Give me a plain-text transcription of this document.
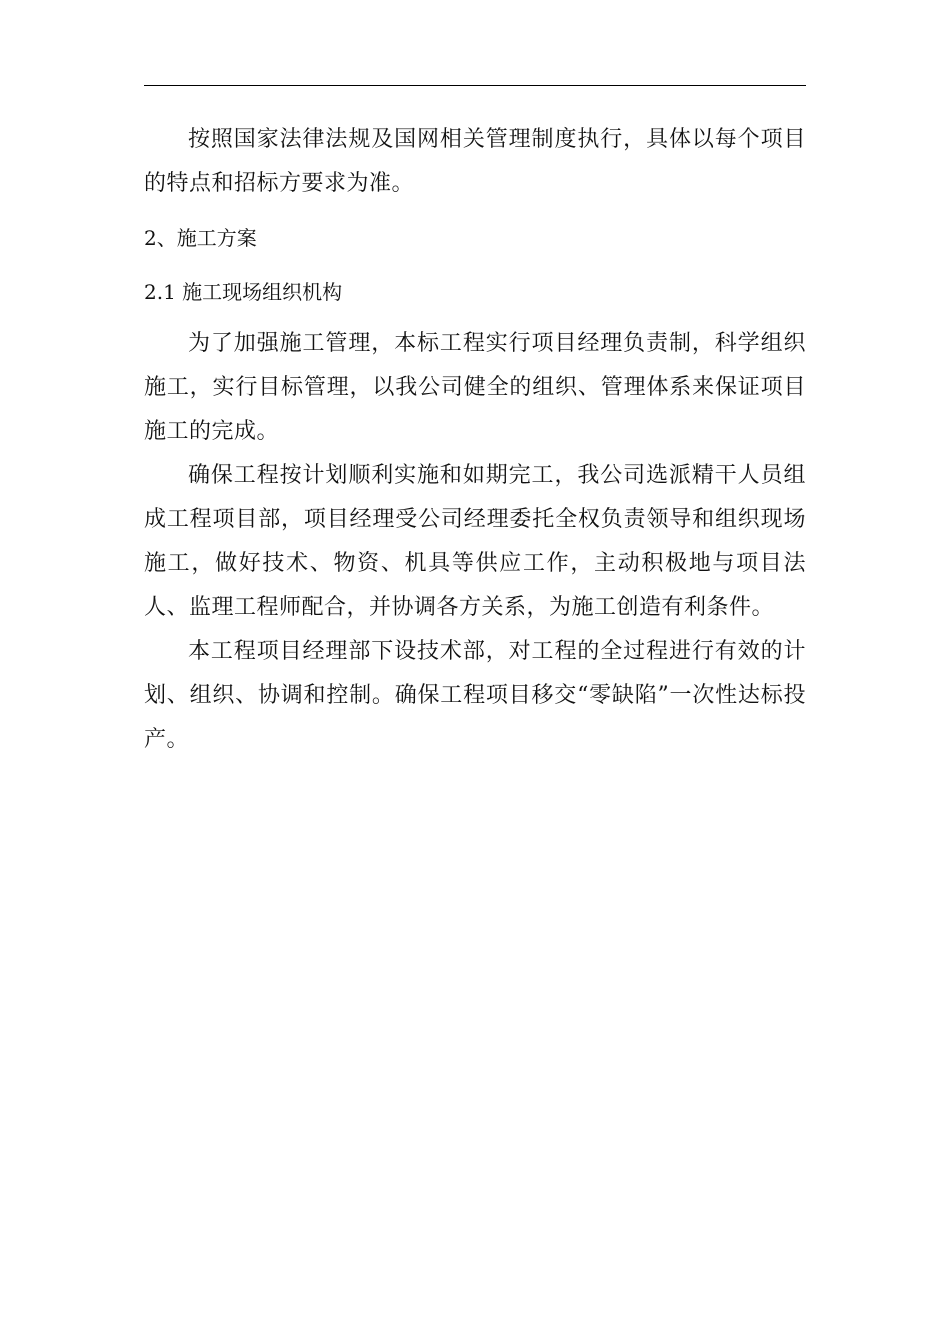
按照国家法律法规及国网相关管理制度执行，具体以每个项目的特点和招标方要求为准。

2、施工方案

2.1 施工现场组织机构

为了加强施工管理，本标工程实行项目经理负责制，科学组织施工，实行目标管理，以我公司健全的组织、管理体系来保证项目施工的完成。

确保工程按计划顺利实施和如期完工，我公司选派精干人员组成工程项目部，项目经理受公司经理委托全权负责领导和组织现场施工，做好技术、物资、机具等供应工作，主动积极地与项目法人、监理工程师配合，并协调各方关系，为施工创造有利条件。

本工程项目经理部下设技术部，对工程的全过程进行有效的计划、组织、协调和控制。确保工程项目移交“零缺陷”一次性达标投产。
